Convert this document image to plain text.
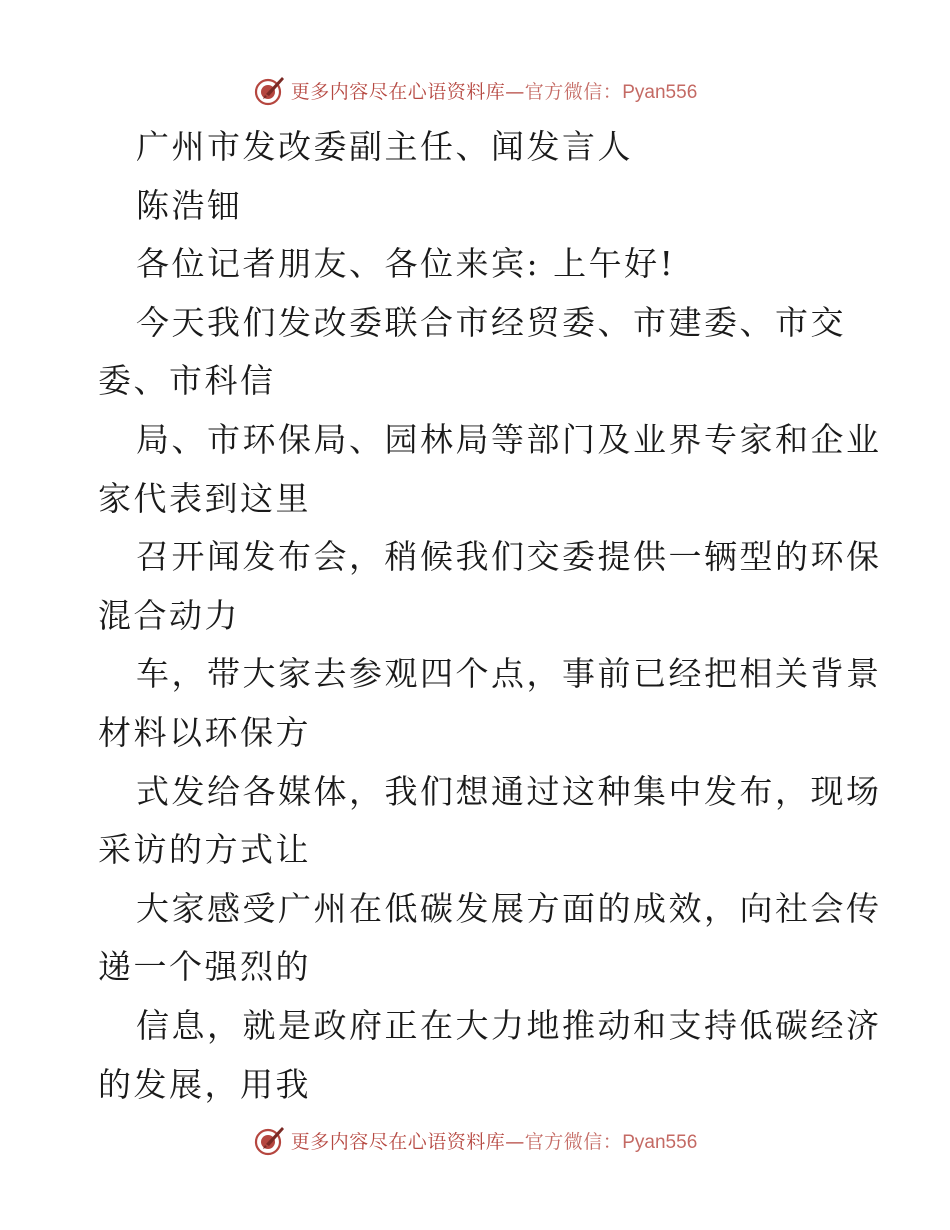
更多内容尽在心语资料库—官方微信：Pyan556
广州市发改委副主任、闻发言人
陈浩钿
各位记者朋友、各位来宾: 上午好!
今天我们发改委联合市经贸委、市建委、市交
委、市科信
局、市环保局、园林局等部门及业界专家和企业
家代表到这里
召开闻发布会，稍候我们交委提供一辆型的环保
混合动力
车，带大家去参观四个点，事前已经把相关背景
材料以环保方
式发给各媒体，我们想通过这种集中发布，现场
采访的方式让
大家感受广州在低碳发展方面的成效，向社会传
递一个强烈的
信息，就是政府正在大力地推动和支持低碳经济
的发展，用我
更多内容尽在心语资料库—官方微信：Pyan556
